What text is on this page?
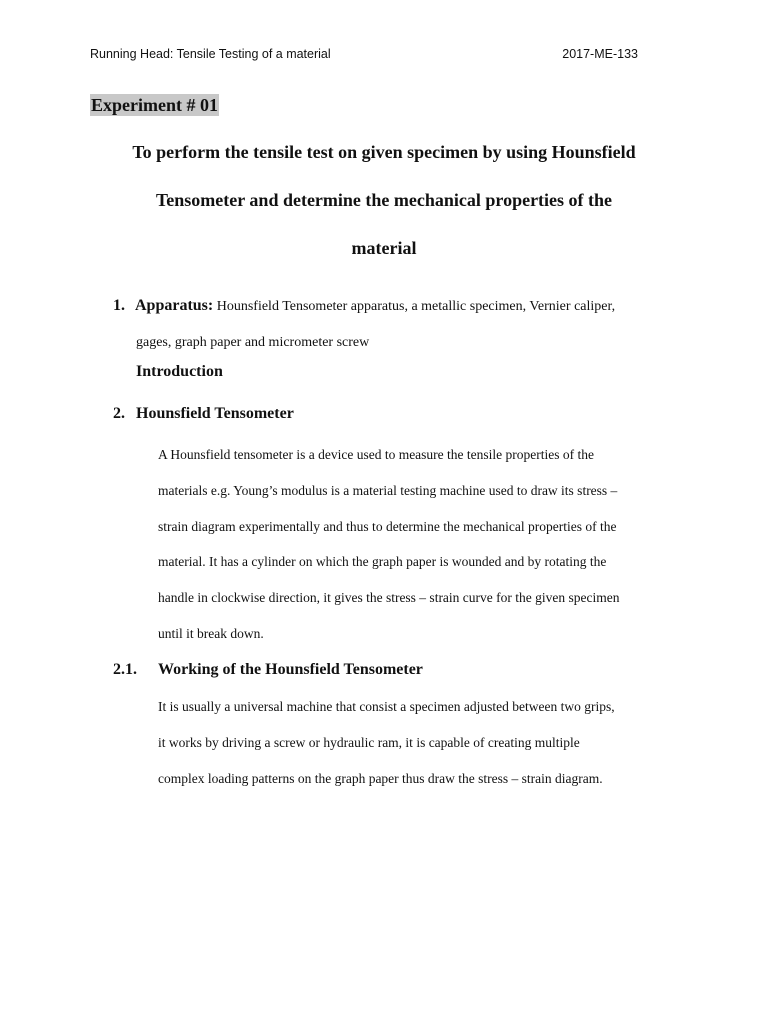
Running Head: Tensile Testing of a material	2017-ME-133
Experiment # 01
To perform the tensile test on given specimen by using Hounsfield
Tensometer and determine the mechanical properties of the
material
1. Apparatus: Hounsfield Tensometer apparatus, a metallic specimen, Vernier caliper,
gages, graph paper and micrometer screw
Introduction
2. Hounsfield Tensometer
A Hounsfield tensometer is a device used to measure the tensile properties of the
materials e.g. Young’s modulus is a material testing machine used to draw its stress –
strain diagram experimentally and thus to determine the mechanical properties of the
material. It has a cylinder on which the graph paper is wounded and by rotating the
handle in clockwise direction, it gives the stress – strain curve for the given specimen
until it break down.
2.1. Working of the Hounsfield Tensometer
It is usually a universal machine that consist a specimen adjusted between two grips,
it works by driving a screw or hydraulic ram, it is capable of creating multiple
complex loading patterns on the graph paper thus draw the stress – strain diagram.
